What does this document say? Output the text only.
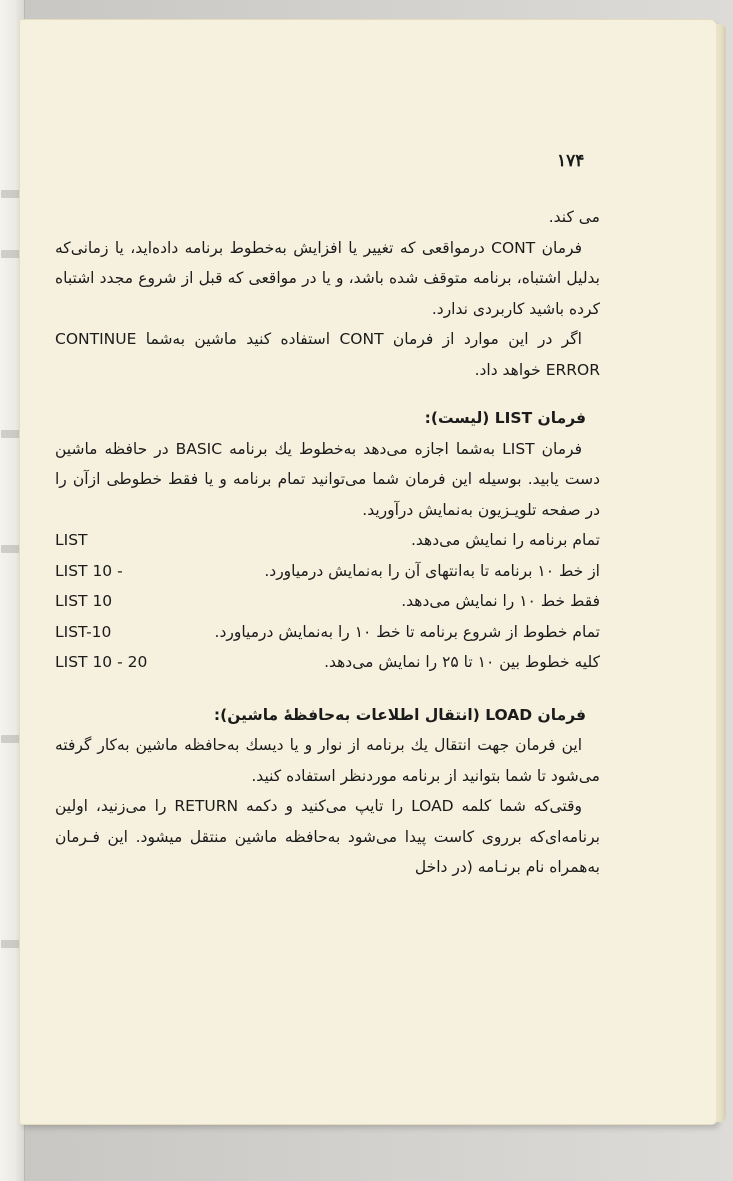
۱۷۴

می کند.

فرمان CONT درمواقعی که تغییر یا افزایش به‌خطوط برنامه داده‌اید، یا زمانی‌که بدلیل اشتباه، برنامه متوقف شده باشد، و یا در مواقعی که قبل از شروع مجدد اشتباه کرده باشید کاربردی ندارد.

اگر در این موارد از فرمان CONT استفاده کنید ماشین به‌شما CONTINUE ERROR خواهد داد.

فرمان LIST (لیست):

فرمان LIST به‌شما اجازه می‌دهد به‌خطوط یك برنامه BASIC در حافظه ماشین دست یابید. بوسیله این فرمان شما می‌توانید تمام برنامه و یا فقط خطوطی ازآن را در صفحه تلویـزیون به‌نمایش درآورید.

LIST	تمام برنامه را نمایش می‌دهد.
LIST 10 -	از خط ۱۰ برنامه تا به‌انتهای آن را به‌نمایش درمیاورد.
LIST 10	فقط خط ۱۰ را نمایش می‌دهد.
LIST-10	تمام خطوط از شروع برنامه تا خط ۱۰ را به‌نمایش درمیاورد.
LIST 10 - 20	کلیه خطوط بین ۱۰ تا ۲۵ را نمایش می‌دهد.

فرمان LOAD (انتقال اطلاعات به‌حافظهٔ ماشین):

این فرمان جهت انتقال یك برنامه از نوار و یا دیسك به‌حافظه ماشین به‌کار گرفته می‌شود تا شما بتوانید از برنامه موردنظر استفاده کنید.

وقتی‌که شما کلمه LOAD را تایپ می‌کنید و دکمه RETURN را می‌زنید، اولین برنامه‌ای‌که برروی کاست پیدا می‌شود به‌حافظه ماشین منتقل میشود. این فـرمان به‌همراه نام برنـامه (در داخل
